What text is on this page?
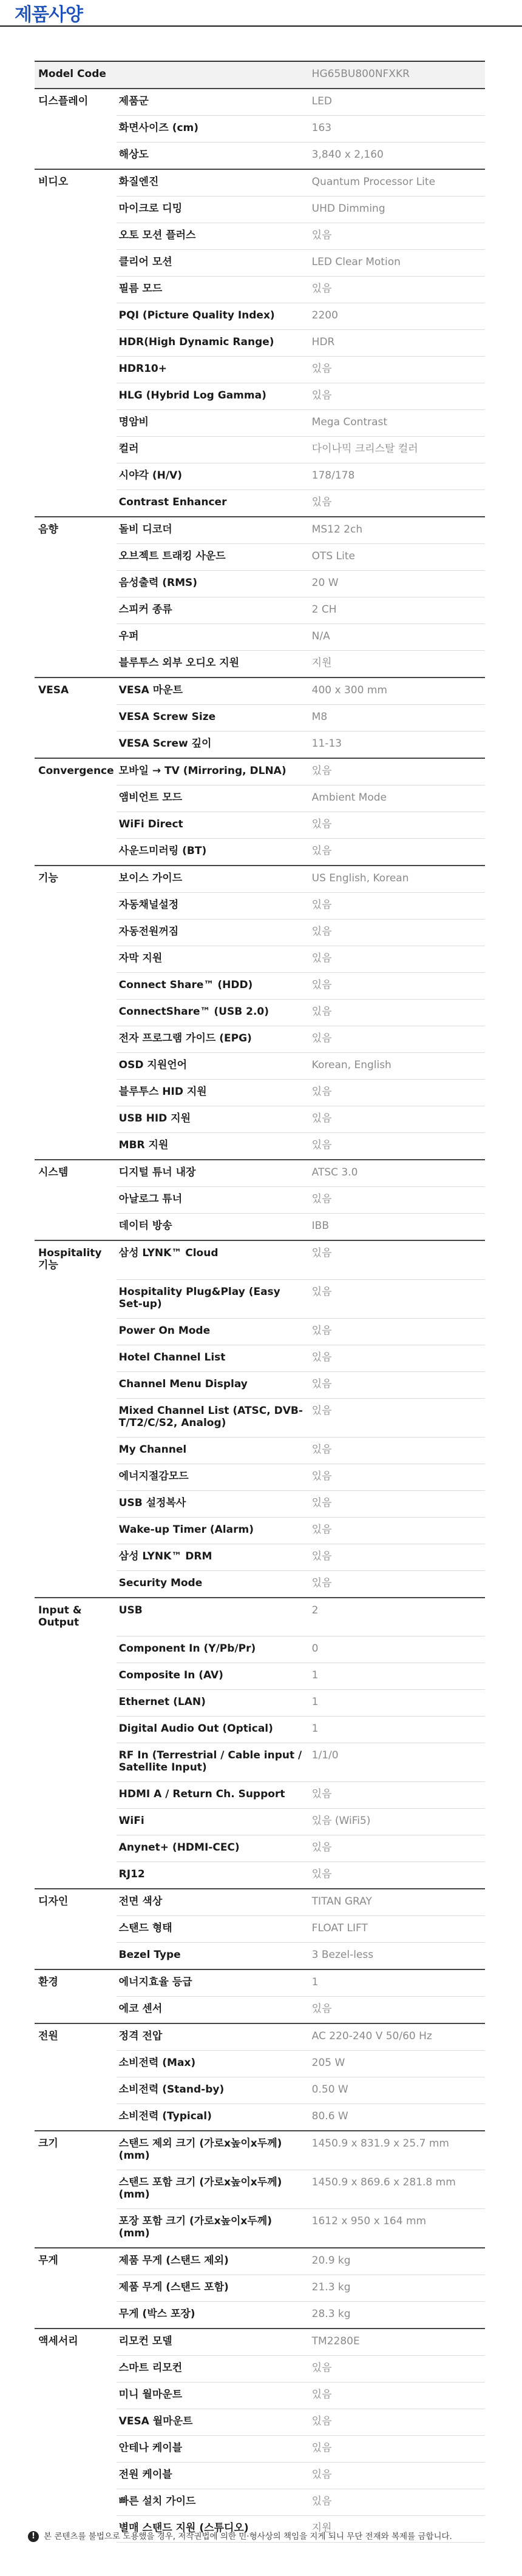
제품사양
Model Code		HG65BU800NFXKR
디스플레이	제품군	LED
	화면사이즈 (cm)	163
	해상도	3,840 x 2,160
비디오	화질엔진	Quantum Processor Lite
	마이크로 디밍	UHD Dimming
	오토 모션 플러스	있음
	클리어 모션	LED Clear Motion
	필름 모드	있음
	PQI (Picture Quality Index)	2200
	HDR(High Dynamic Range)	HDR
	HDR10+	있음
	HLG (Hybrid Log Gamma)	있음
	명암비	Mega Contrast
	컬러	다이나믹 크리스탈 컬러
	시야각 (H/V)	178/178
	Contrast Enhancer	있음
음향	돌비 디코더	MS12 2ch
	오브젝트 트래킹 사운드	OTS Lite
	음성출력 (RMS)	20 W
	스피커 종류	2 CH
	우퍼	N/A
	블루투스 외부 오디오 지원	지원
VESA	VESA 마운트	400 x 300 mm
	VESA Screw Size	M8
	VESA Screw 깊이	11-13
Convergence	모바일 → TV (Mirroring, DLNA)	있음
	앰비언트 모드	Ambient Mode
	WiFi Direct	있음
	사운드미러링 (BT)	있음
기능	보이스 가이드	US English, Korean
	자동채널설정	있음
	자동전원꺼짐	있음
	자막 지원	있음
	Connect Share™ (HDD)	있음
	ConnectShare™ (USB 2.0)	있음
	전자 프로그램 가이드 (EPG)	있음
	OSD 지원언어	Korean, English
	블루투스 HID 지원	있음
	USB HID 지원	있음
	MBR 지원	있음
시스템	디지털 튜너 내장	ATSC 3.0
	아날로그 튜너	있음
	데이터 방송	IBB
Hospitality 기능	삼성 LYNK™ Cloud	있음
	Hospitality Plug&Play (Easy Set-up)	있음
	Power On Mode	있음
	Hotel Channel List	있음
	Channel Menu Display	있음
	Mixed Channel List (ATSC, DVB-T/T2/C/S2, Analog)	있음
	My Channel	있음
	에너지절감모드	있음
	USB 설정복사	있음
	Wake-up Timer (Alarm)	있음
	삼성 LYNK™ DRM	있음
	Security Mode	있음
Input & Output	USB	2
	Component In (Y/Pb/Pr)	0
	Composite In (AV)	1
	Ethernet (LAN)	1
	Digital Audio Out (Optical)	1
	RF In (Terrestrial / Cable input / Satellite Input)	1/1/0
	HDMI A / Return Ch. Support	있음
	WiFi	있음 (WiFi5)
	Anynet+ (HDMI-CEC)	있음
	RJ12	있음
디자인	전면 색상	TITAN GRAY
	스탠드 형태	FLOAT LIFT
	Bezel Type	3 Bezel-less
환경	에너지효율 등급	1
	에코 센서	있음
전원	정격 전압	AC 220-240 V 50/60 Hz
	소비전력 (Max)	205 W
	소비전력 (Stand-by)	0.50 W
	소비전력 (Typical)	80.6 W
크기	스탠드 제외 크기 (가로x높이x두께) (mm)	1450.9 x 831.9 x 25.7 mm
	스탠드 포함 크기 (가로x높이x두께) (mm)	1450.9 x 869.6 x 281.8 mm
	포장 포함 크기 (가로x높이x두께) (mm)	1612 x 950 x 164 mm
무게	제품 무게 (스탠드 제외)	20.9 kg
	제품 무게 (스탠드 포함)	21.3 kg
	무게 (박스 포장)	28.3 kg
액세서리	리모컨 모델	TM2280E
	스마트 리모컨	있음
	미니 월마운트	있음
	VESA 월마운트	있음
	안테나 케이블	있음
	전원 케이블	있음
	빠른 설치 가이드	있음
	별매 스탠드 지원 (스튜디오)	지원
!	본 콘텐츠를 불법으로 도용했을 경우, 저작권법에 의한 민·형사상의 책임을 지게 되니 무단 전재와 복제를 금합니다.
